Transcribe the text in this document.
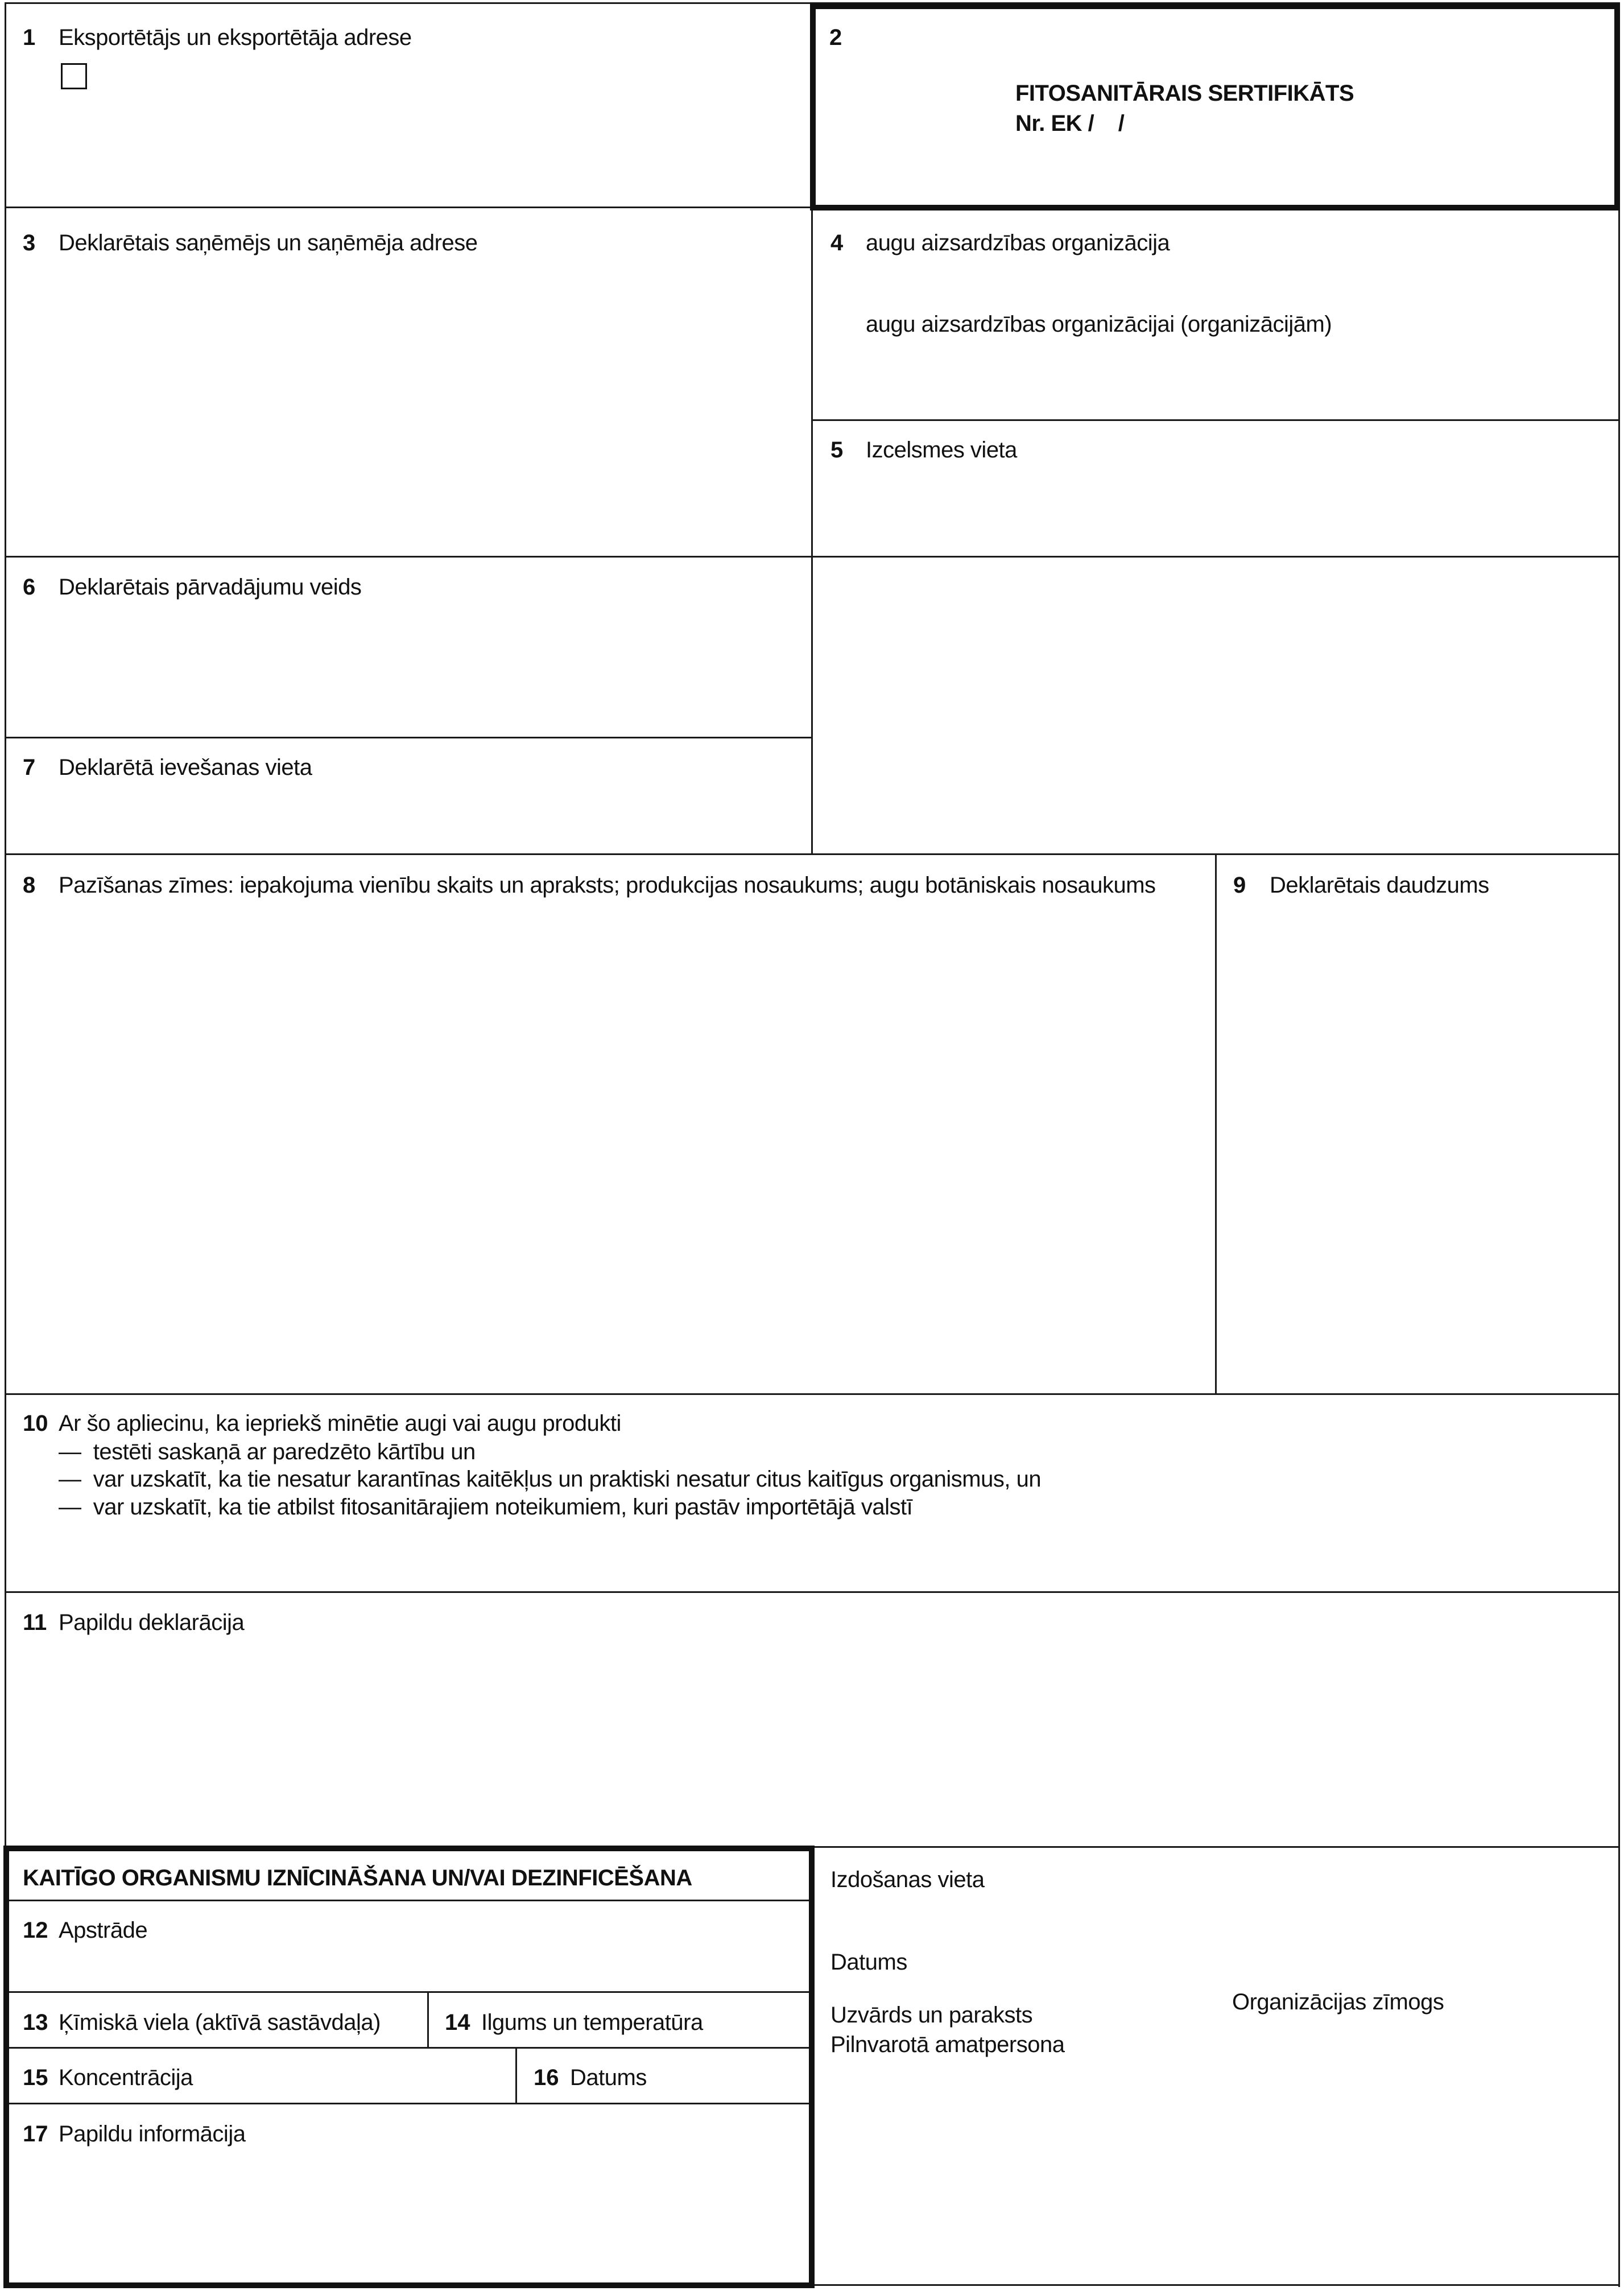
1 Eksportētājs un eksportētāja adrese	2
FITOSANITĀRAIS SERTIFIKĀTS
Nr. EK /    /
3 Deklarētais saņēmējs un saņēmēja adrese	4 augu aizsardzības organizācija
augu aizsardzības organizācijai (organizācijām)
5 Izcelsmes vieta
6 Deklarētais pārvadājumu veids
7 Deklarētā ievešanas vieta
8 Pazīšanas zīmes: iepakojuma vienību skaits un apraksts; produkcijas nosaukums; augu botāniskais nosaukums	9 Deklarētais daudzums
10 Ar šo apliecinu, ka iepriekš minētie augi vai augu produkti
—  testēti saskaņā ar paredzēto kārtību un
—  var uzskatīt, ka tie nesatur karantīnas kaitēkļus un praktiski nesatur citus kaitīgus organismus, un
—  var uzskatīt, ka tie atbilst fitosanitārajiem noteikumiem, kuri pastāv importētājā valstī
11 Papildu deklarācija
KAITĪGO ORGANISMU IZNĪCINĀŠANA UN/VAI DEZINFICĒŠANA
12 Apstrāde
13 Ķīmiskā viela (aktīvā sastāvdaļa)	14 Ilgums un temperatūra
15 Koncentrācija	16 Datums
17 Papildu informācija
Izdošanas vieta
Datums
Uzvārds un paraksts
Pilnvarotā amatpersona
Organizācijas zīmogs
